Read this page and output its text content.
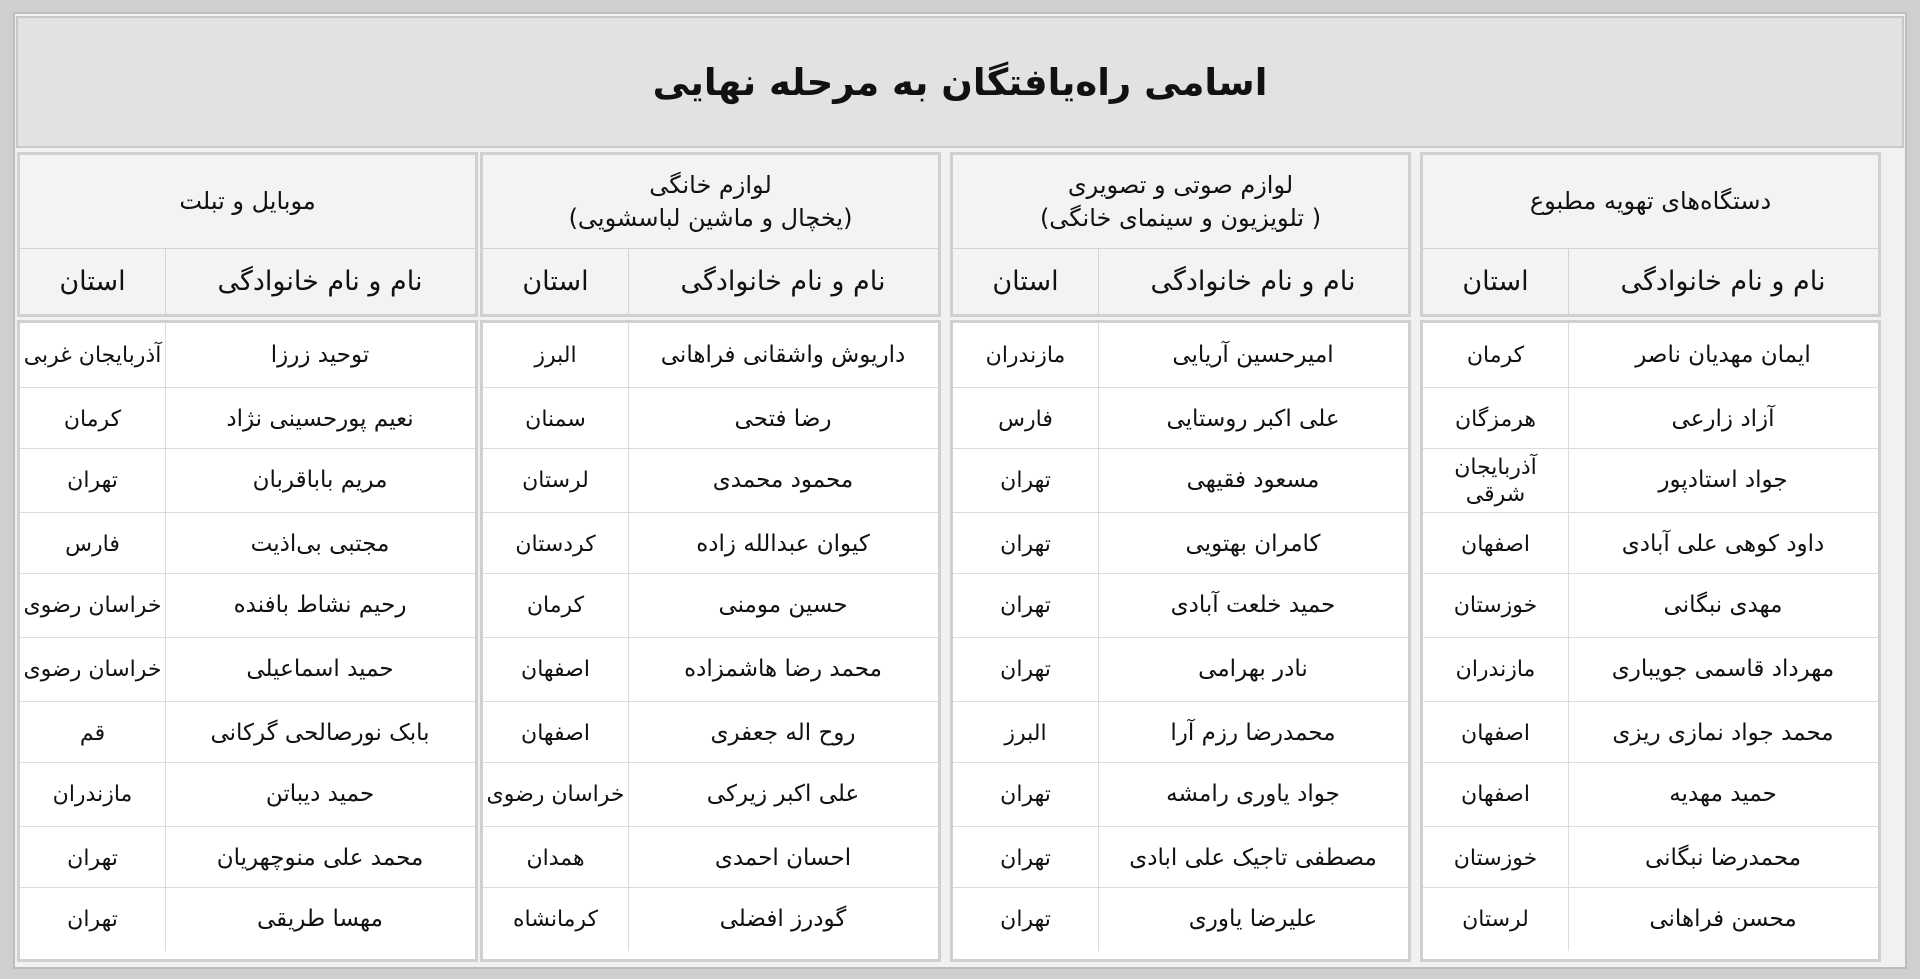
اسامی راه‌یافتگان به مرحله نهایی
دستگاه‌های تهویه مطبوع
نام و نام خانوادگی
استان
ایمان مهدیان ناصر
کرمان
آزاد زارعی
هرمزگان
جواد استادپور
آذربایجان شرقی
داود کوهی علی آبادی
اصفهان
مهدی نبگانی
خوزستان
مهرداد قاسمی جویباری
مازندران
محمد جواد نمازی ریزی
اصفهان
حمید مهدیه
اصفهان
محمدرضا نبگانی
خوزستان
محسن فراهانی
لرستان
لوازم صوتی و تصویری
( تلویزیون و سینمای خانگی)
نام و نام خانوادگی
استان
امیرحسین آریایی
مازندران
علی اکبر روستایی
فارس
مسعود فقیهی
تهران
کامران بهتویی
تهران
حمید خلعت آبادی
تهران
نادر بهرامی
تهران
محمدرضا رزم آرا
البرز
جواد یاوری رامشه
تهران
مصطفی تاجیک علی ابادی
تهران
علیرضا یاوری
تهران
لوازم خانگی
(یخچال و ماشین لباسشویی)
نام و نام خانوادگی
استان
داریوش واشقانی فراهانی
البرز
رضا فتحی
سمنان
محمود محمدی
لرستان
کیوان عبدالله زاده
کردستان
حسین مومنی
کرمان
محمد رضا هاشمزاده
اصفهان
روح اله جعفری
اصفهان
علی اکبر زیرکی
خراسان رضوی
احسان احمدی
همدان
گودرز افضلی
کرمانشاه
موبایل و تبلت
نام و نام خانوادگی
استان
توحید زرزا
آذربایجان غربی
نعیم پورحسینی نژاد
کرمان
مریم باباقربان
تهران
مجتبی بی‌اذیت
فارس
رحیم نشاط بافنده
خراسان رضوی
حمید اسماعیلی
خراسان رضوی
بابک نورصالحی گرکانی
قم
حمید دیباتن
مازندران
محمد علی منوچهریان
تهران
مهسا طریقی
تهران
